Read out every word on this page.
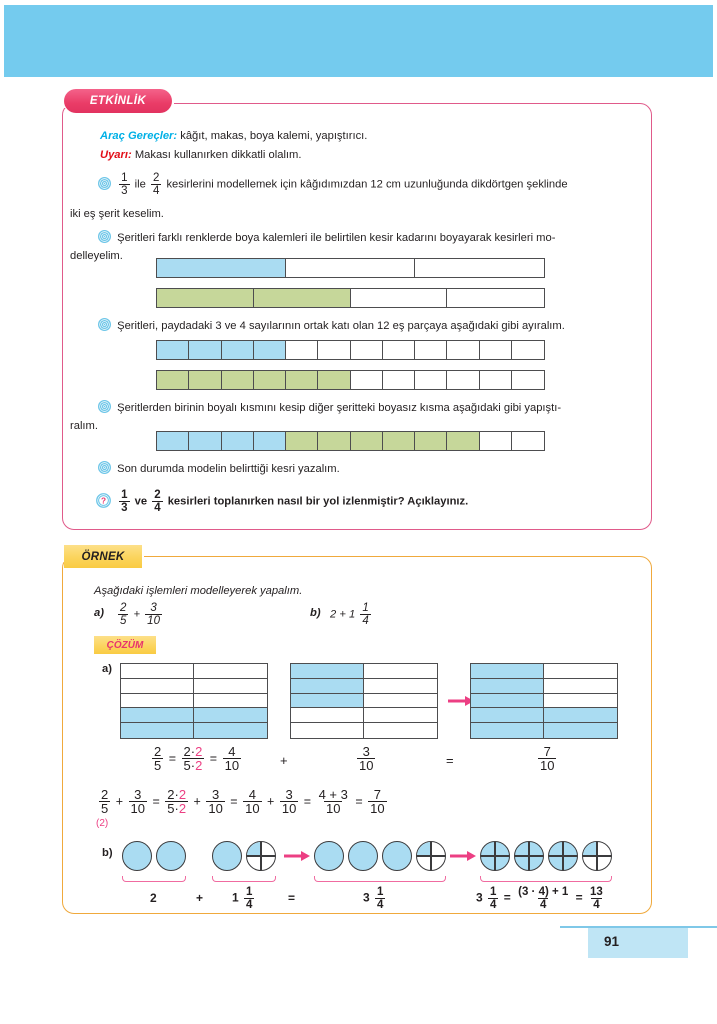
ETKİNLİK
Araç Gereçler: kâğıt, makas, boya kalemi, yapıştırıcı.
Uyarı: Makası kullanırken dikkatli olalım.

$\frac{1}{3}$ ile $\frac{2}{4}$ kesirlerini modellemek için kâğıdımızdan 12 cm uzunluğunda dikdörtgen şeklinde
iki eş şerit keselim.
Şeritleri farklı renklerde boya kalemleri ile belirtilen kesir kadarını boyayarak kesirleri mo-
delleyelim.
Şeritleri, paydadaki 3 ve 4 sayılarının ortak katı olan 12 eş parçaya aşağıdaki gibi ayıralım.
Şeritlerden birinin boyalı kısmını kesip diğer şeritteki boyasız kısma aşağıdaki gibi yapıştı-
ralım.
Son durumda modelin belirttiği kesri yazalım.
?
$\frac{1}{3}$ ve $\frac{2}{4}$ kesirleri toplanırken nasıl bir yol izlenmiştir? Açıklayınız.
ÖRNEK
Aşağıdaki işlemleri modelleyerek yapalım.
$a) \frac{2}{5} + \frac{3}{10}$	b) $2 + 1 \frac{1}{4}$
ÇÖZÜM
a)
$\frac{2}{5} = \frac{2\cdot 2}{5\cdot 2} = \frac{4}{10}$	+	$\frac{3}{10}$	=	$\frac{7}{10}$
$\frac{2}{5} + \frac{3}{10} = \frac{2\cdot 2}{5\cdot 2} + \frac{3}{10} = \frac{4}{10} + \frac{3}{10} = \frac{4 + 3}{10} = \frac{7}{10}$
(2)
b)
2	+ $1 \frac{1}{4}$	=	$3 \frac{1}{4}$	$3 \frac{1}{4} = \frac{(3 \cdot 4) + 1}{4} = \frac{13}{4}$
91
